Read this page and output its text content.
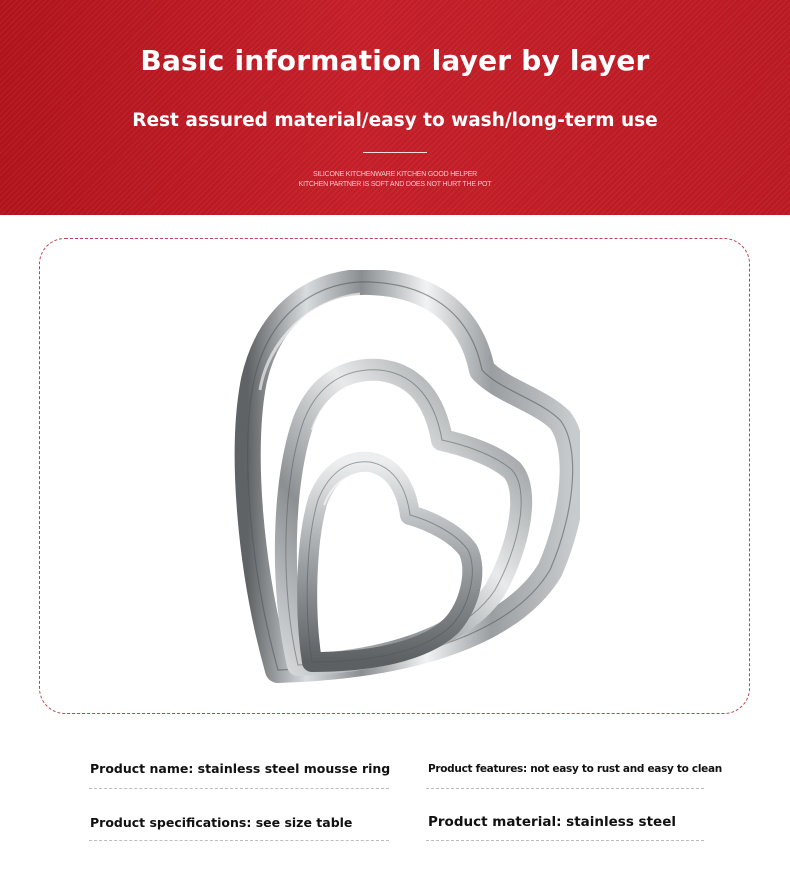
Basic information layer by layer
Rest assured material/easy to wash/long-term use
SILICONE KITCHENWARE KITCHEN GOOD HELPER
KITCHEN PARTNER IS SOFT AND DOES NOT HURT THE POT
Product name: stainless steel mousse ring	Product features: not easy to rust and easy to clean
Product specifications: see size table	Product material: stainless steel
